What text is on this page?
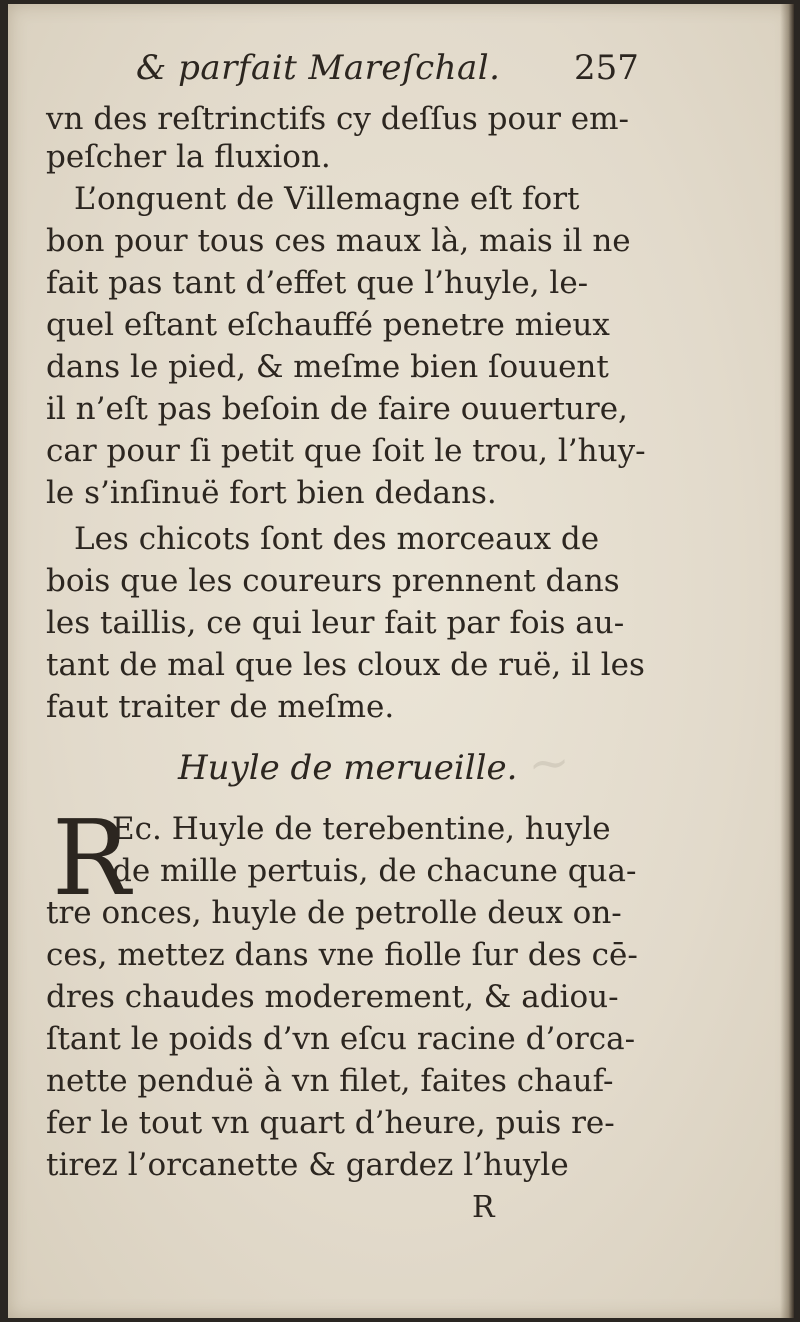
~
& parfait Mareſchal. 257
vn des reſtrinctifs cy deſſus pour em-
peſcher la fluxion.
L’onguent de Villemagne eſt fort
bon pour tous ces maux là, mais il ne
fait pas tant d’effet que l’huyle, le-
quel eſtant eſchauffé penetre mieux
dans le pied, & meſme bien ſouuent
il n’eſt pas beſoin de faire ouuerture,
car pour ſi petit que ſoit le trou, l’huy-
le s’inſinuë fort bien dedans.
Les chicots ſont des morceaux de
bois que les coureurs prennent dans
les taillis, ce qui leur fait par fois au-
tant de mal que les cloux de ruë, il les
faut traiter de meſme.
Huyle de merueille.
R
Ec. Huyle de terebentine, huyle
de mille pertuis, de chacune qua-
tre onces, huyle de petrolle deux on-
ces, mettez dans vne fiolle ſur des cē-
dres chaudes moderement, & adiou-
ſtant le poids d’vn eſcu racine d’orca-
nette penduë à vn filet, faites chauf-
fer le tout vn quart d’heure, puis re-
tirez l’orcanette & gardez l’huyle
R
